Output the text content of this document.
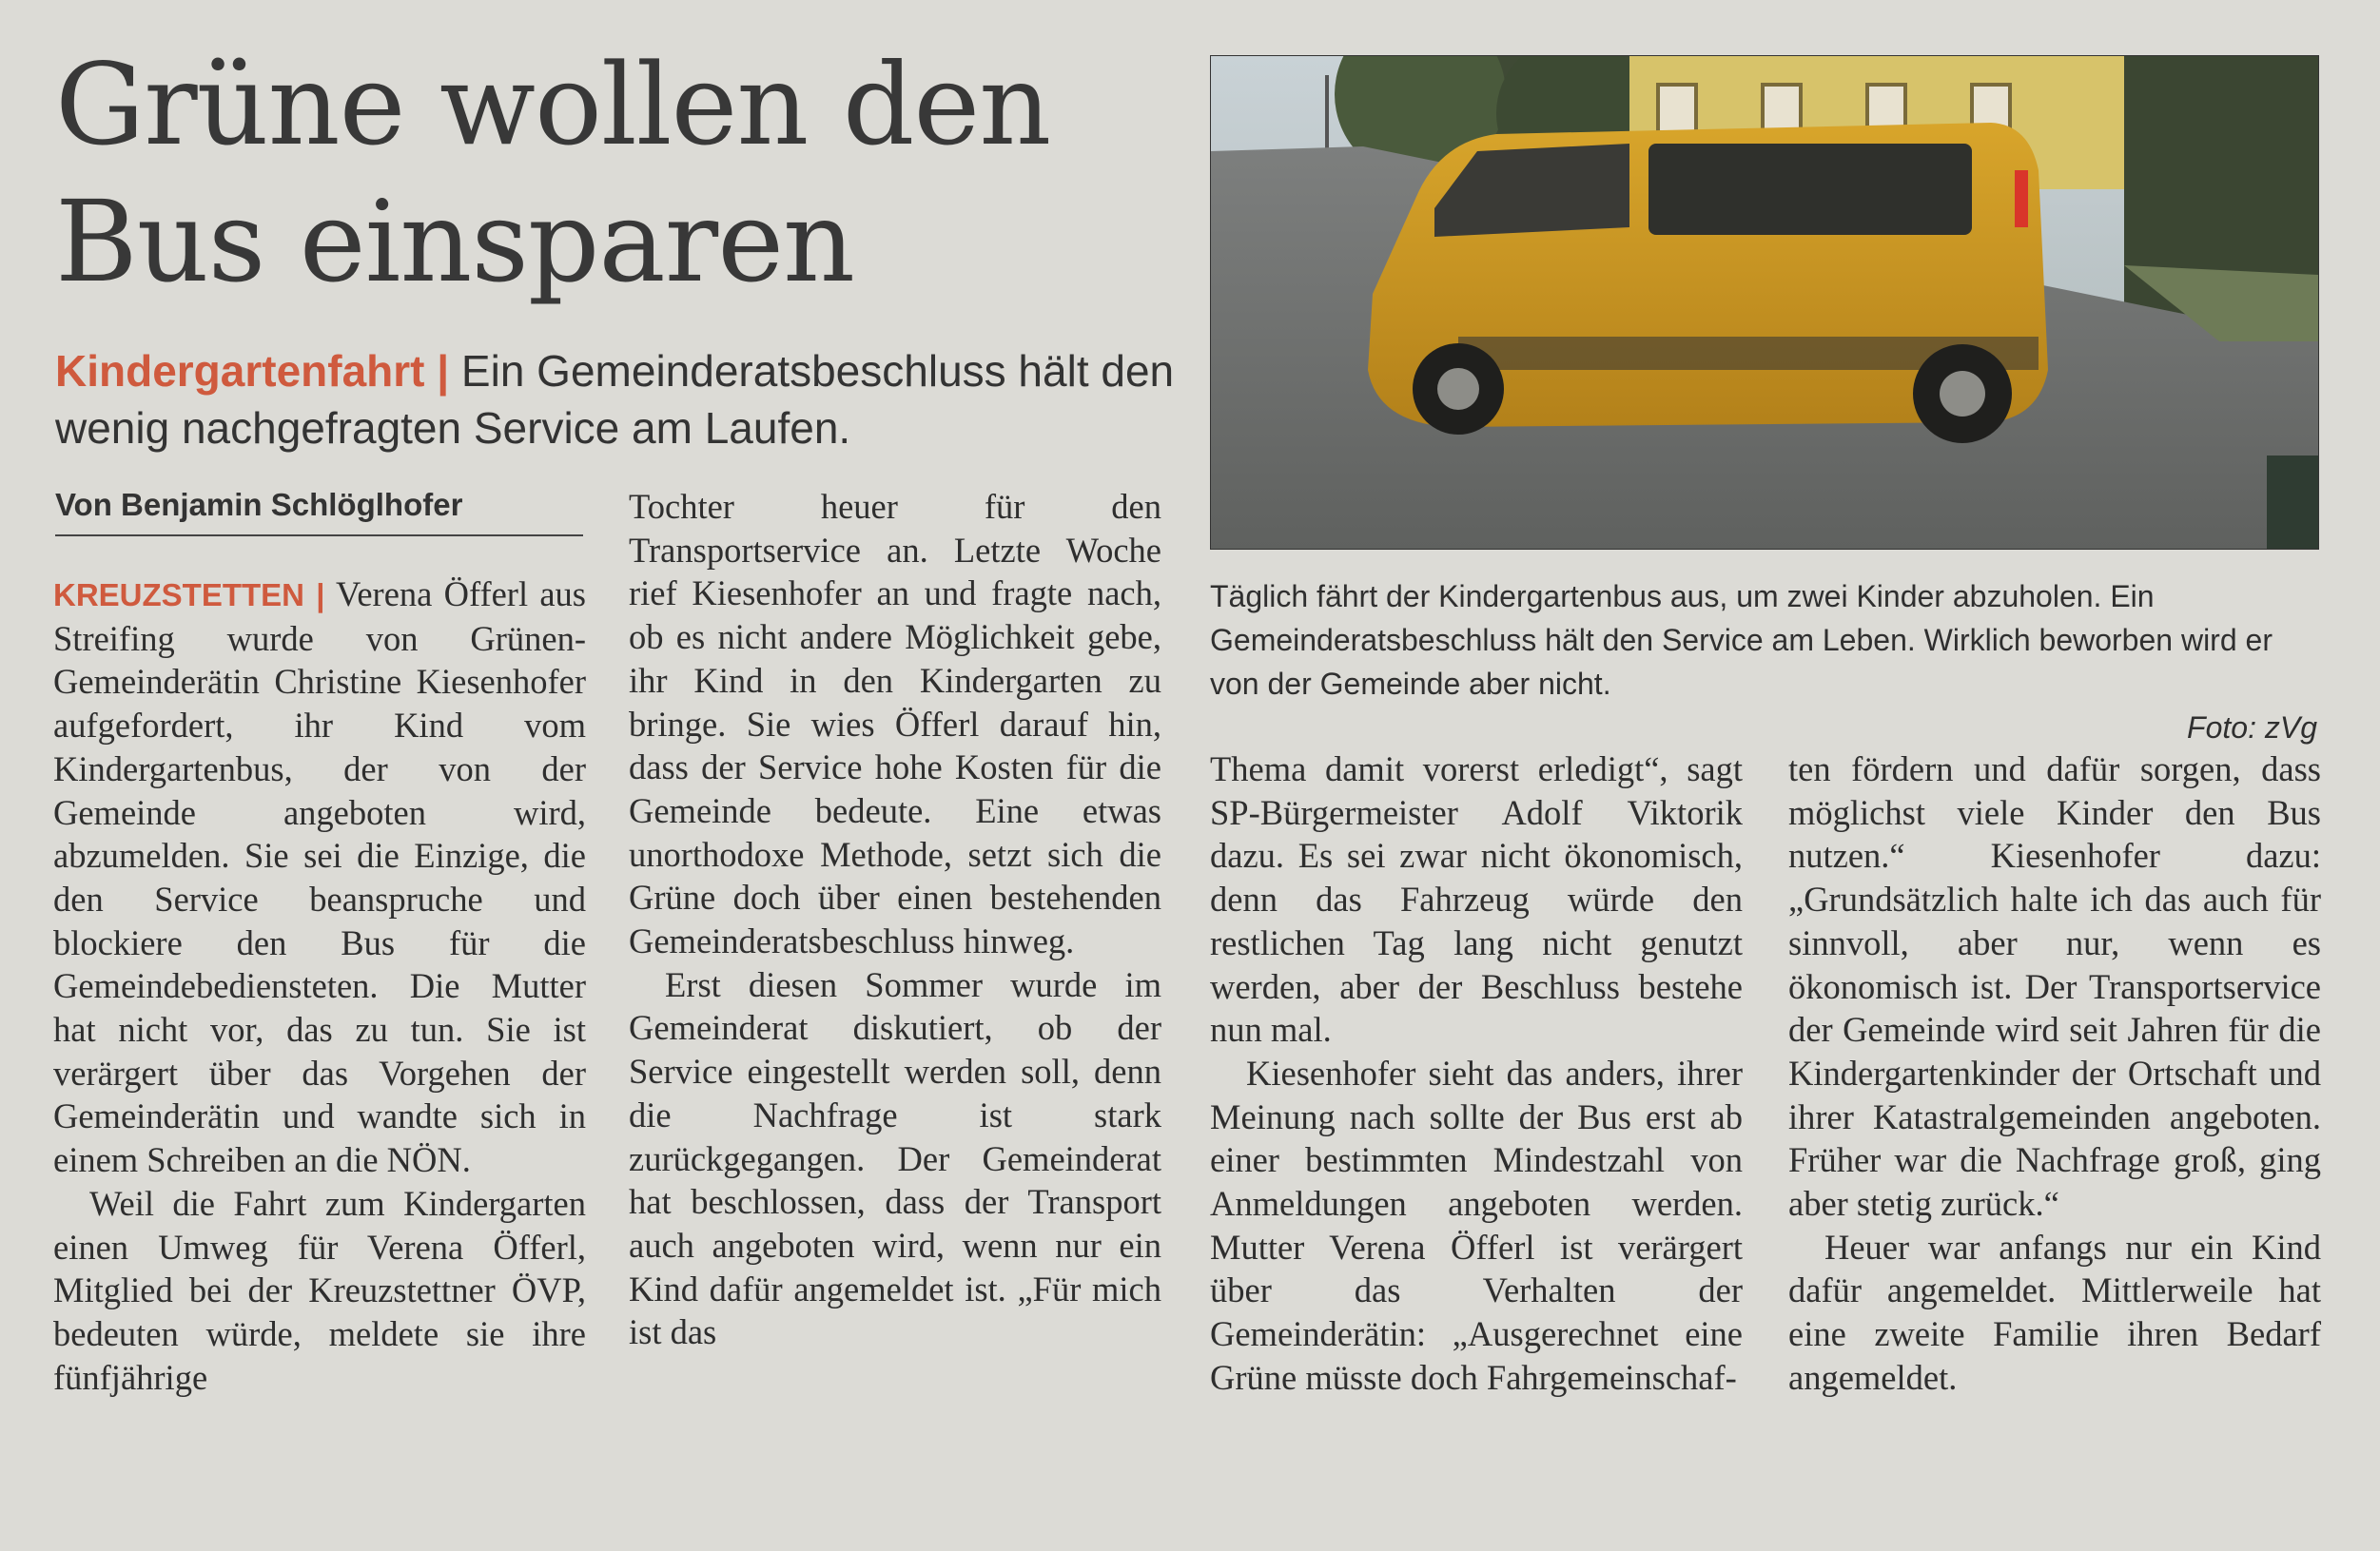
Grüne wollen den
Bus einsparen
Kindergartenfahrt | Ein Gemeinderatsbeschluss hält den wenig nachgefragten Service am Laufen.
Von Benjamin Schlöglhofer
Täglich fährt der Kindergartenbus aus, um zwei Kinder abzuholen. Ein Gemeinderatsbeschluss hält den Service am Leben. Wirklich beworben wird er von der Gemeinde aber nicht.
Foto: zVg

KREUZSTETTEN | Verena Öfferl aus Streifing wurde von Grünen-Gemeinderätin Christine Kiesenhofer aufgefordert, ihr Kind vom Kindergartenbus, der von der Gemeinde angeboten wird, abzumelden. Sie sei die Einzige, die den Service beanspruche und blockiere den Bus für die Gemeindebediensteten. Die Mutter hat nicht vor, das zu tun. Sie ist verärgert über das Vorgehen der Gemeinderätin und wandte sich in einem Schreiben an die NÖN.

Weil die Fahrt zum Kindergarten einen Umweg für Verena Öfferl, Mitglied bei der Kreuzstettner ÖVP, bedeuten würde, meldete sie ihre fünfjährige

Tochter heuer für den Transportservice an. Letzte Woche rief Kiesenhofer an und fragte nach, ob es nicht andere Möglichkeit gebe, ihr Kind in den Kindergarten zu bringe. Sie wies Öfferl darauf hin, dass der Service hohe Kosten für die Gemeinde bedeute. Eine etwas unorthodoxe Methode, setzt sich die Grüne doch über einen bestehenden Gemeinderatsbeschluss hinweg.

Erst diesen Sommer wurde im Gemeinderat diskutiert, ob der Service eingestellt werden soll, denn die Nachfrage ist stark zurückgegangen. Der Gemeinderat hat beschlossen, dass der Transport auch angeboten wird, wenn nur ein Kind dafür angemeldet ist. „Für mich ist das

Thema damit vorerst erledigt“, sagt SP-Bürgermeister Adolf Viktorik dazu. Es sei zwar nicht ökonomisch, denn das Fahrzeug würde den restlichen Tag lang nicht genutzt werden, aber der Beschluss bestehe nun mal.

Kiesenhofer sieht das anders, ihrer Meinung nach sollte der Bus erst ab einer bestimmten Mindestzahl von Anmeldungen angeboten werden. Mutter Verena Öfferl ist verärgert über das Verhalten der Gemeinderätin: „Ausgerechnet eine Grüne müsste doch Fahrgemeinschaf-

ten fördern und dafür sorgen, dass möglichst viele Kinder den Bus nutzen.“ Kiesenhofer dazu: „Grundsätzlich halte ich das auch für sinnvoll, aber nur, wenn es ökonomisch ist. Der Transportservice der Gemeinde wird seit Jahren für die Kindergartenkinder der Ortschaft und ihrer Katastralgemeinden angeboten. Früher war die Nachfrage groß, ging aber stetig zurück.“

Heuer war anfangs nur ein Kind dafür angemeldet. Mittlerweile hat eine zweite Familie ihren Bedarf angemeldet.
